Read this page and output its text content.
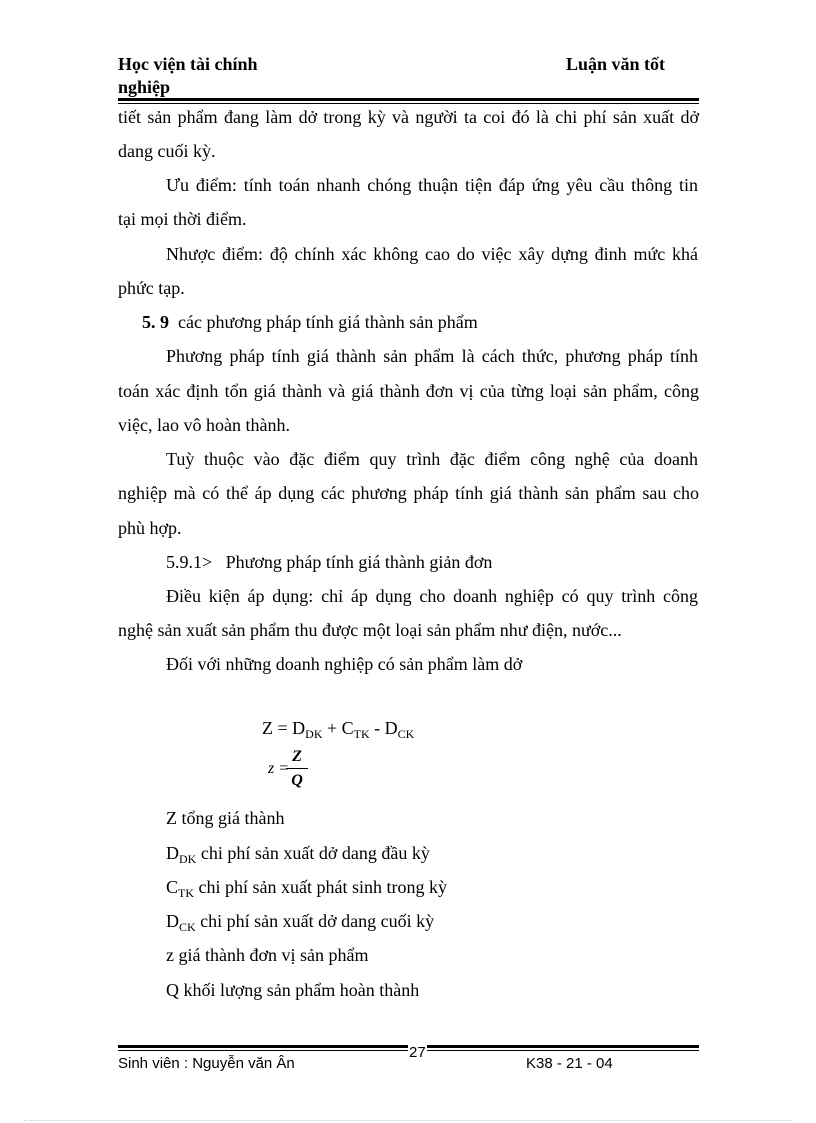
Học viện tài chính
nghiệp
Luận văn tốt
tiết sản phẩm đang làm dở trong kỳ và người ta coi đó là chi phí sản xuất dở
dang cuối kỳ.
Ưu điểm: tính toán nhanh chóng thuận tiện đáp ứng yêu cầu thông tin
tại mọi thời điểm.
Nhược điểm: độ chính xác không cao do việc xây dựng đinh mức khá
phức tạp.
5. 9 các phương pháp tính giá thành sản phẩm
Phương pháp tính giá thành sản phẩm là cách thức, phương pháp tính
toán xác định tổn giá thành và giá thành đơn vị của từng loại sản phẩm, công
việc, lao vô hoàn thành.
Tuỳ thuộc vào đặc điểm quy trình đặc điểm công nghệ của doanh
nghiệp mà có thể áp dụng các phương pháp tính giá thành sản phẩm sau cho
phù hợp.
5.9.1>   Phương pháp tính giá thành giản đơn
Điều kiện áp dụng: chỉ áp dụng cho doanh nghiệp có quy trình công
nghệ sản xuất sản phẩm thu được một loại sản phẩm như điện, nước...
Đối với những doanh nghiệp có sản phẩm làm dở
$Z = D_{DK} + C_{TK} - D_{CK}$
z =
Z
Q
Z tổng giá thành
$D_{DK}$ chi phí sản xuất dở dang đầu kỳ
$C_{TK}$ chi phí sản xuất phát sinh trong kỳ
$D_{CK}$ chi phí sản xuất dở dang cuối kỳ
z giá thành đơn vị sản phẩm
Q khối lượng sản phẩm hoàn thành
Sinh viên : Nguyễn văn Ân
27
K38 - 21 - 04
